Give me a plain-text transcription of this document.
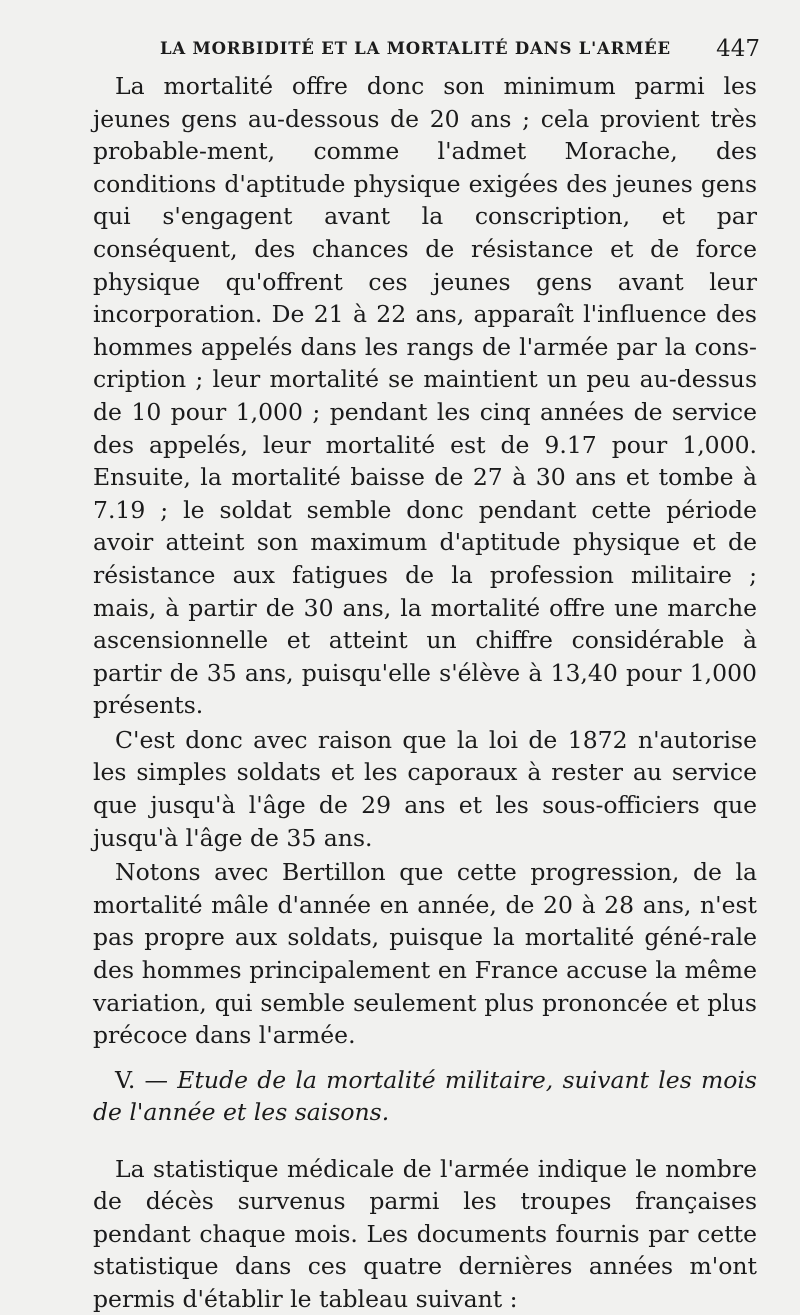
LA MORBIDITÉ ET LA MORTALITÉ DANS L'ARMÉE 447

La mortalité offre donc son minimum parmi les jeunes gens au-dessous de 20 ans ; cela provient très probable-ment, comme l'admet Morache, des conditions d'aptitude physique exigées des jeunes gens qui s'engagent avant la conscription, et par conséquent, des chances de résistance et de force physique qu'offrent ces jeunes gens avant leur incorporation. De 21 à 22 ans, apparaît l'influence des hommes appelés dans les rangs de l'armée par la cons-cription ; leur mortalité se maintient un peu au-dessus de 10 pour 1,000 ; pendant les cinq années de service des appelés, leur mortalité est de 9.17 pour 1,000. Ensuite, la mortalité baisse de 27 à 30 ans et tombe à 7.19 ; le soldat semble donc pendant cette période avoir atteint son maximum d'aptitude physique et de résistance aux fatigues de la profession militaire ; mais, à partir de 30 ans, la mortalité offre une marche ascensionnelle et atteint un chiffre considérable à partir de 35 ans, puisqu'elle s'élève à 13,40 pour 1,000 présents.

C'est donc avec raison que la loi de 1872 n'autorise les simples soldats et les caporaux à rester au service que jusqu'à l'âge de 29 ans et les sous-officiers que jusqu'à l'âge de 35 ans.

Notons avec Bertillon que cette progression, de la mortalité mâle d'année en année, de 20 à 28 ans, n'est pas propre aux soldats, puisque la mortalité géné-rale des hommes principalement en France accuse la même variation, qui semble seulement plus prononcée et plus précoce dans l'armée.

V. — Etude de la mortalité militaire, suivant les mois de l'année et les saisons.

La statistique médicale de l'armée indique le nombre de décès survenus parmi les troupes françaises pendant chaque mois. Les documents fournis par cette statistique dans ces quatre dernières années m'ont permis d'établir le tableau suivant :
